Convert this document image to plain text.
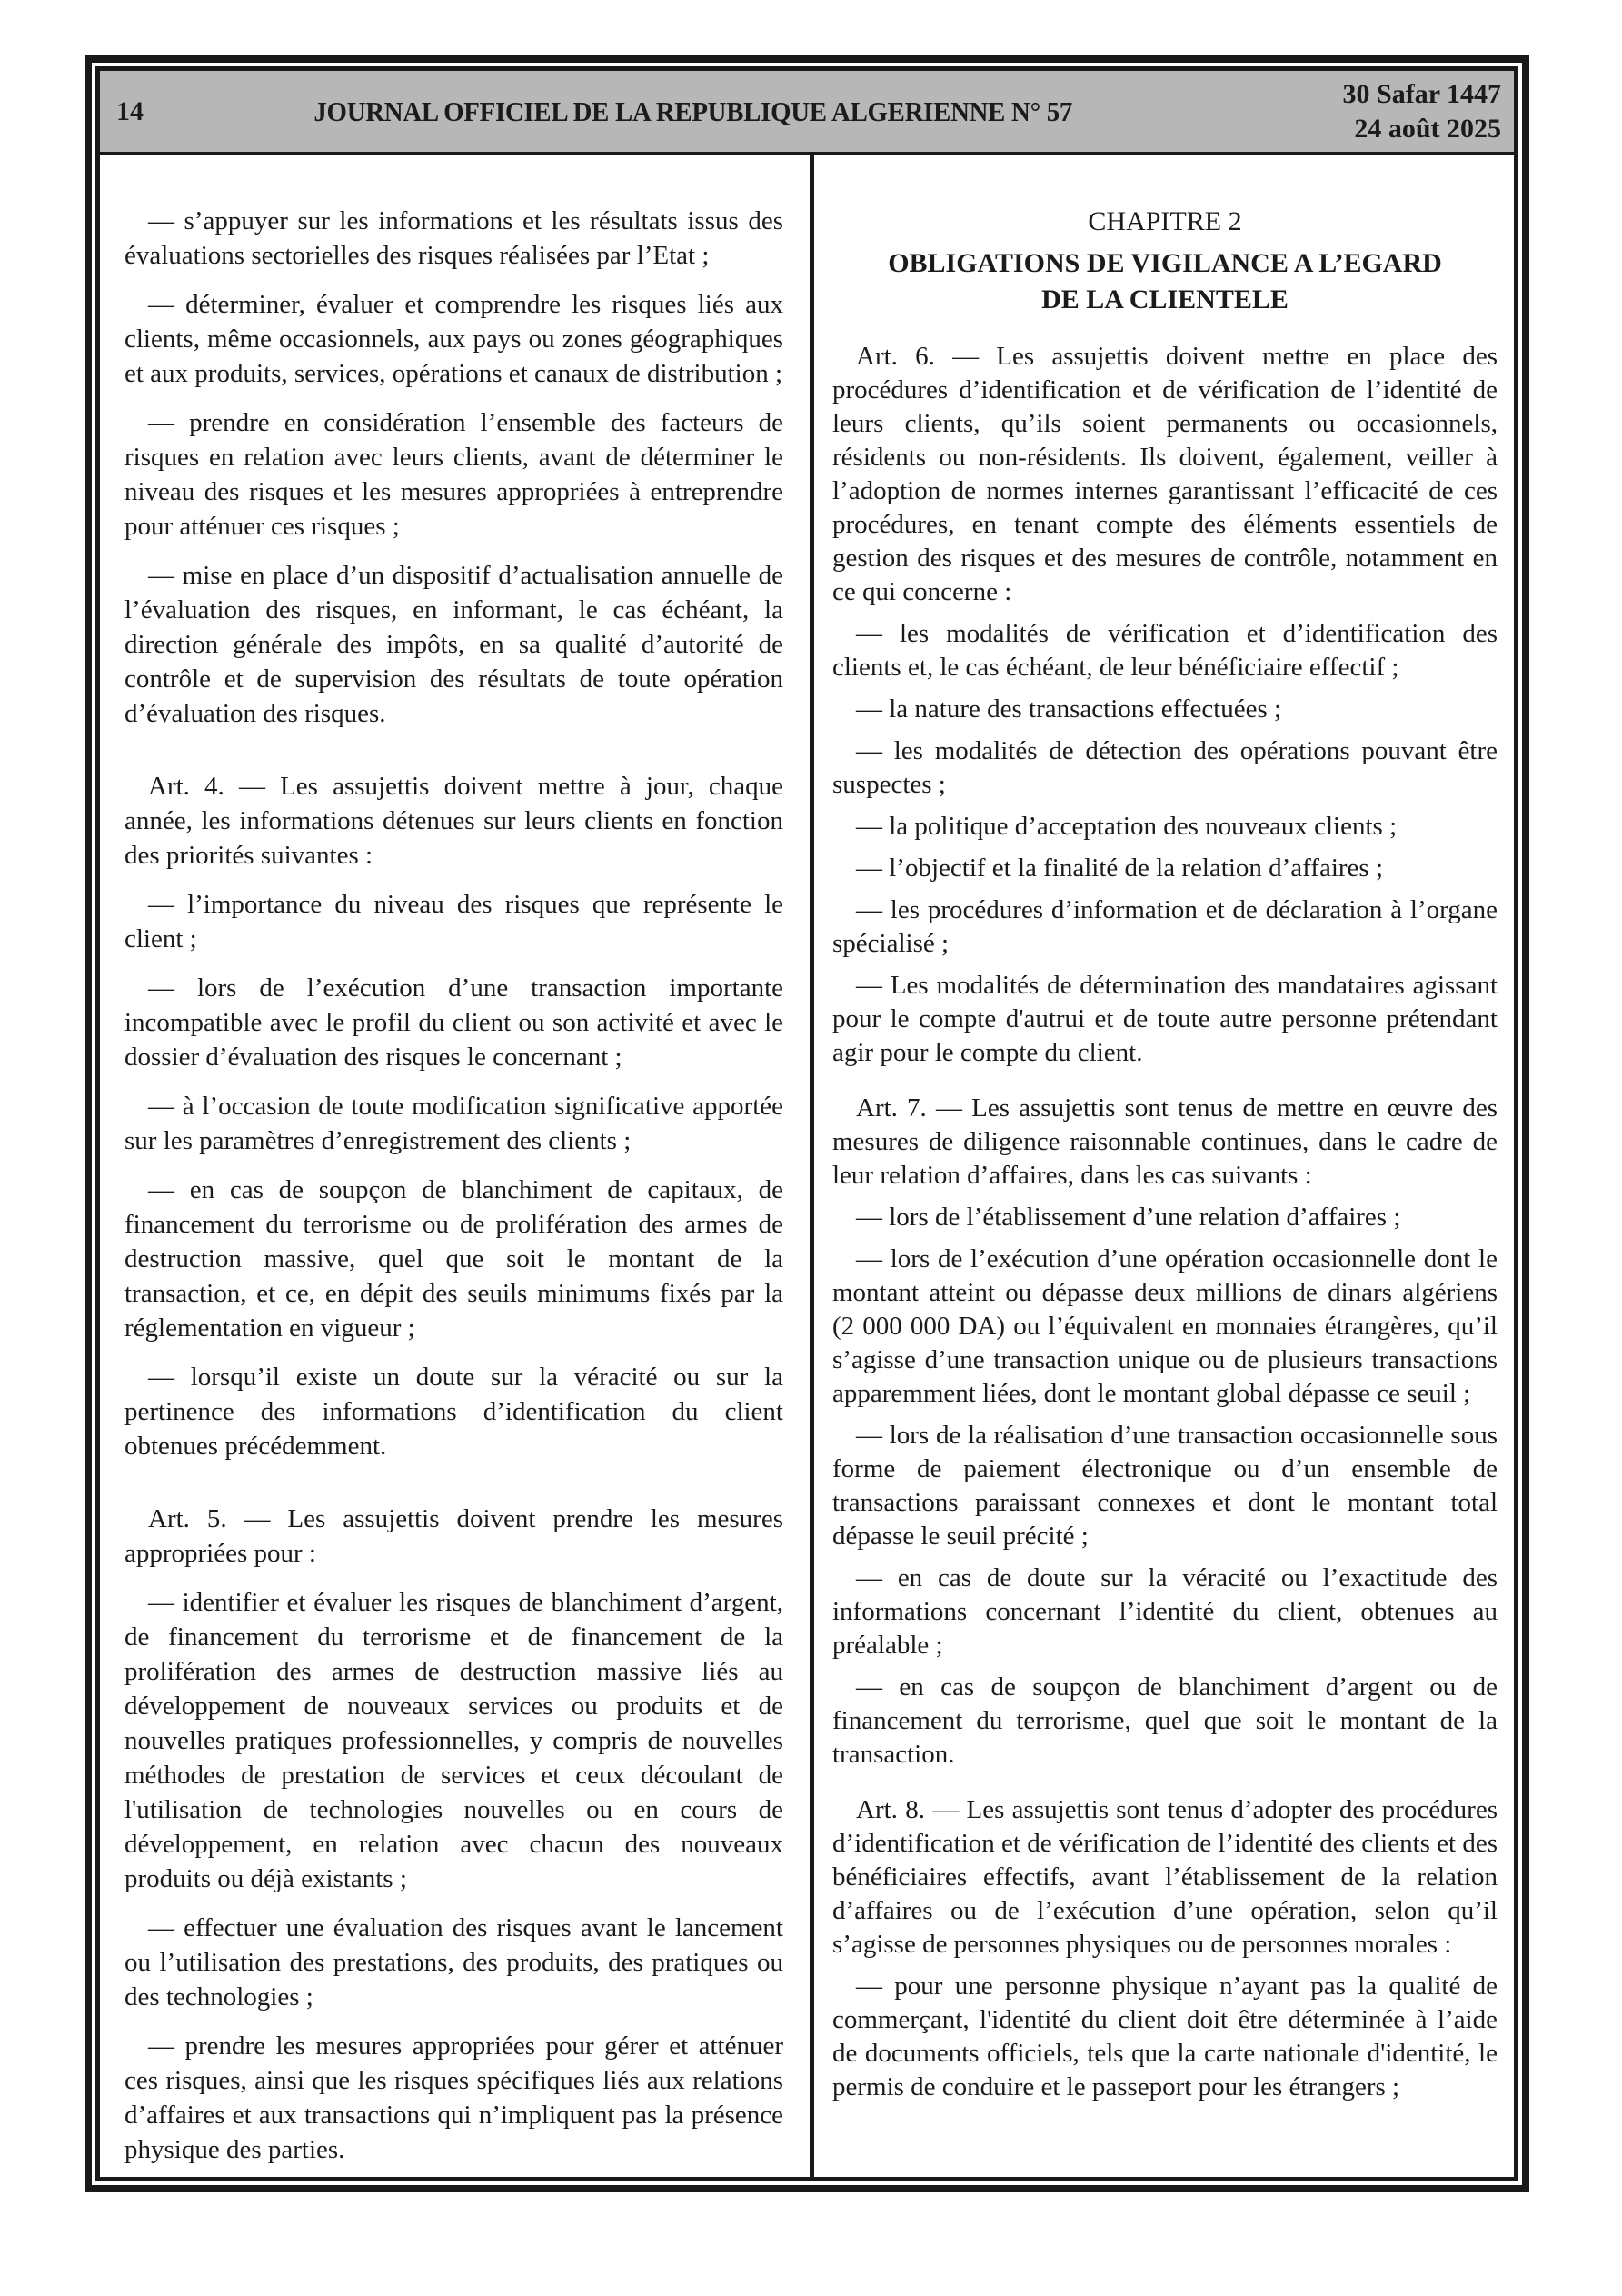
14	JOURNAL OFFICIEL DE LA REPUBLIQUE ALGERIENNE N° 57
30 Safar 1447
24 août 2025

— s’appuyer sur les informations et les résultats issus des évaluations sectorielles des risques réalisées par l’Etat ;

— déterminer, évaluer et comprendre les risques liés aux clients, même occasionnels, aux pays ou zones géographiques et aux produits, services, opérations et canaux de distribution ;

— prendre en considération l’ensemble des facteurs de risques en relation avec leurs clients, avant de déterminer le niveau des risques et les mesures appropriées à entreprendre pour atténuer ces risques ;

— mise en place d’un dispositif d’actualisation annuelle de l’évaluation des risques, en informant, le cas échéant, la direction générale des impôts, en sa qualité d’autorité de contrôle et de supervision des résultats de toute opération d’évaluation des risques.

Art. 4. — Les assujettis doivent mettre à jour, chaque année, les informations détenues sur leurs clients en fonction des priorités suivantes :

— l’importance du niveau des risques que représente le client ;

— lors de l’exécution d’une transaction importante incompatible avec le profil du client ou son activité et avec le dossier d’évaluation des risques le concernant ;

— à l’occasion de toute modification significative apportée sur les paramètres d’enregistrement des clients ;

— en cas de soupçon de blanchiment de capitaux, de financement du terrorisme ou de prolifération des armes de destruction massive, quel que soit le montant de la transaction, et ce, en dépit des seuils minimums fixés par la réglementation en vigueur ;

— lorsqu’il existe un doute sur la véracité ou sur la pertinence des informations d’identification du client obtenues précédemment.

Art. 5. — Les assujettis doivent prendre les mesures appropriées pour :

— identifier et évaluer les risques de blanchiment d’argent, de financement du terrorisme et de financement de la prolifération des armes de destruction massive liés au développement de nouveaux services ou produits et de nouvelles pratiques professionnelles, y compris de nouvelles méthodes de prestation de services et ceux découlant de l'utilisation de technologies nouvelles ou en cours de développement, en relation avec chacun des nouveaux produits ou déjà existants ;

— effectuer une évaluation des risques avant le lancement ou l’utilisation des prestations, des produits, des pratiques ou des technologies ;

— prendre les mesures appropriées pour gérer et atténuer ces risques, ainsi que les risques spécifiques liés aux relations d’affaires et aux transactions qui n’impliquent pas la présence physique des parties.

CHAPITRE 2

OBLIGATIONS DE VIGILANCE A L’EGARD
DE LA CLIENTELE

Art. 6. — Les assujettis doivent mettre en place des procédures d’identification et de vérification de l’identité de leurs clients, qu’ils soient permanents ou occasionnels, résidents ou non-résidents. Ils doivent, également, veiller à l’adoption de normes internes garantissant l’efficacité de ces procédures, en tenant compte des éléments essentiels de gestion des risques et des mesures de contrôle, notamment en ce qui concerne :

— les modalités de vérification et d’identification des clients et, le cas échéant, de leur bénéficiaire effectif ;

— la nature des transactions effectuées ;

— les modalités de détection des opérations pouvant être suspectes ;

— la politique d’acceptation des nouveaux clients ;

— l’objectif et la finalité de la relation d’affaires ;

— les procédures d’information et de déclaration à l’organe spécialisé ;

— Les modalités de détermination des mandataires agissant pour le compte d'autrui et de toute autre personne prétendant agir pour le compte du client.

Art. 7. — Les assujettis sont tenus de mettre en œuvre des mesures de diligence raisonnable continues, dans le cadre de leur relation d’affaires, dans les cas suivants :

— lors de l’établissement d’une relation d’affaires ;

— lors de l’exécution d’une opération occasionnelle dont le montant atteint ou dépasse deux millions de dinars algériens (2 000 000 DA) ou l’équivalent en monnaies étrangères, qu’il s’agisse d’une transaction unique ou de plusieurs transactions apparemment liées, dont le montant global dépasse ce seuil ;

— lors de la réalisation d’une transaction occasionnelle sous forme de paiement électronique ou d’un ensemble de transactions paraissant connexes et dont le montant total dépasse le seuil précité ;

— en cas de doute sur la véracité ou l’exactitude des informations concernant l’identité du client, obtenues au préalable ;

— en cas de soupçon de blanchiment d’argent ou de financement du terrorisme, quel que soit le montant de la transaction.

Art. 8. — Les assujettis sont tenus d’adopter des procédures d’identification et de vérification de l’identité des clients et des bénéficiaires effectifs, avant l’établissement de la relation d’affaires ou de l’exécution d’une opération, selon qu’il s’agisse de personnes physiques ou de personnes morales :

— pour une personne physique n’ayant pas la qualité de commerçant, l'identité du client doit être déterminée à l’aide de documents officiels, tels que la carte nationale d'identité, le permis de conduire et le passeport pour les étrangers ;
